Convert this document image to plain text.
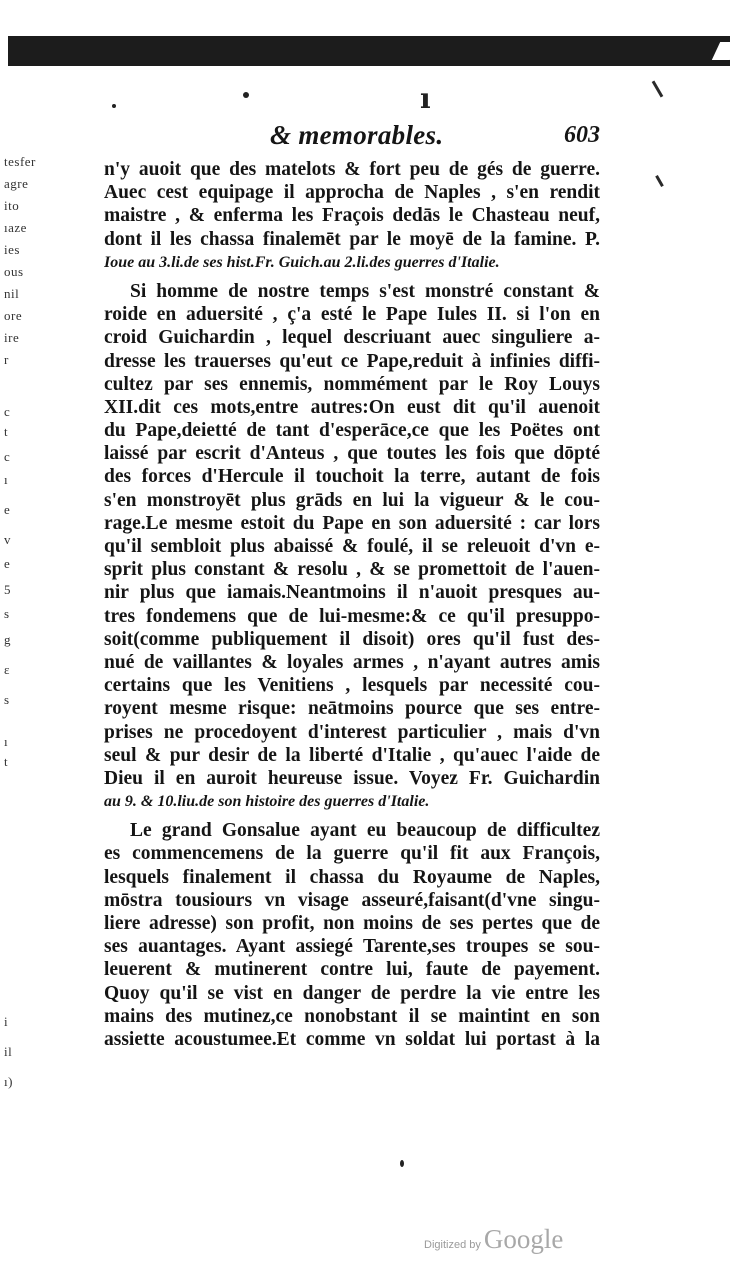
ı
& memorables.	603
tesfer
agre
ito
ıaze
ies
ous
nil
ore
ire
r
c
t
c
ı
e
v
e
5
s
g
ε
s
ı
t
i
il
ı)
n'y auoit que des matelots & fort peu de gés de guerre.
Auec cest equipage il approcha de Naples , s'en rendit
maistre , & enferma les Fraçois dedās le Chasteau neuf,
dont il les chassa finalemēt par le moyē de la famine. P.
Ioue au 3.li.de ses hist.Fr. Guich.au 2.li.des guerres d'Italie.
Si homme de nostre temps s'est monstré constant &
roide en aduersité , ç'a esté le Pape Iules II. si l'on en
croid Guichardin , lequel descriuant auec singuliere a-
dresse les trauerses qu'eut ce Pape,reduit à infinies diffi-
cultez par ses ennemis, nommément par le Roy Louys
XII.dit ces mots,entre autres:On eust dit qu'il auenoit
du Pape,deietté de tant d'esperāce,ce que les Poëtes ont
laissé par escrit d'Anteus , que toutes les fois que dōpté
des forces d'Hercule il touchoit la terre, autant de fois
s'en monstroyēt plus grāds en lui la vigueur & le cou-
rage.Le mesme estoit du Pape en son aduersité : car lors
qu'il sembloit plus abaissé & foulé, il se releuoit d'vn e-
sprit plus constant & resolu , & se promettoit de l'auen-
nir plus que iamais.Neantmoins il n'auoit presques au-
tres fondemens que de lui-mesme:& ce qu'il presuppo-
soit(comme publiquement il disoit) ores qu'il fust des-
nué de vaillantes & loyales armes , n'ayant autres amis
certains que les Venitiens , lesquels par necessité cou-
royent mesme risque: neātmoins pource que ses entre-
prises ne procedoyent d'interest particulier , mais d'vn
seul & pur desir de la liberté d'Italie , qu'auec l'aide de
Dieu il en auroit heureuse issue. Voyez Fr. Guichardin
au 9. & 10.liu.de son histoire des guerres d'Italie.
Le grand Gonsalue ayant eu beaucoup de difficultez
es commencemens de la guerre qu'il fit aux François,
lesquels finalement il chassa du Royaume de Naples,
mōstra tousiours vn visage asseuré,faisant(d'vne singu-
liere adresse) son profit, non moins de ses pertes que de
ses auantages. Ayant assiegé Tarente,ses troupes se sou-
leuerent & mutinerent contre lui, faute de payement.
Quoy qu'il se vist en danger de perdre la vie entre les
mains des mutinez,ce nonobstant il se maintint en son
assiette acoustumee.Et comme vn soldat lui portast à la
Digitized by Google
